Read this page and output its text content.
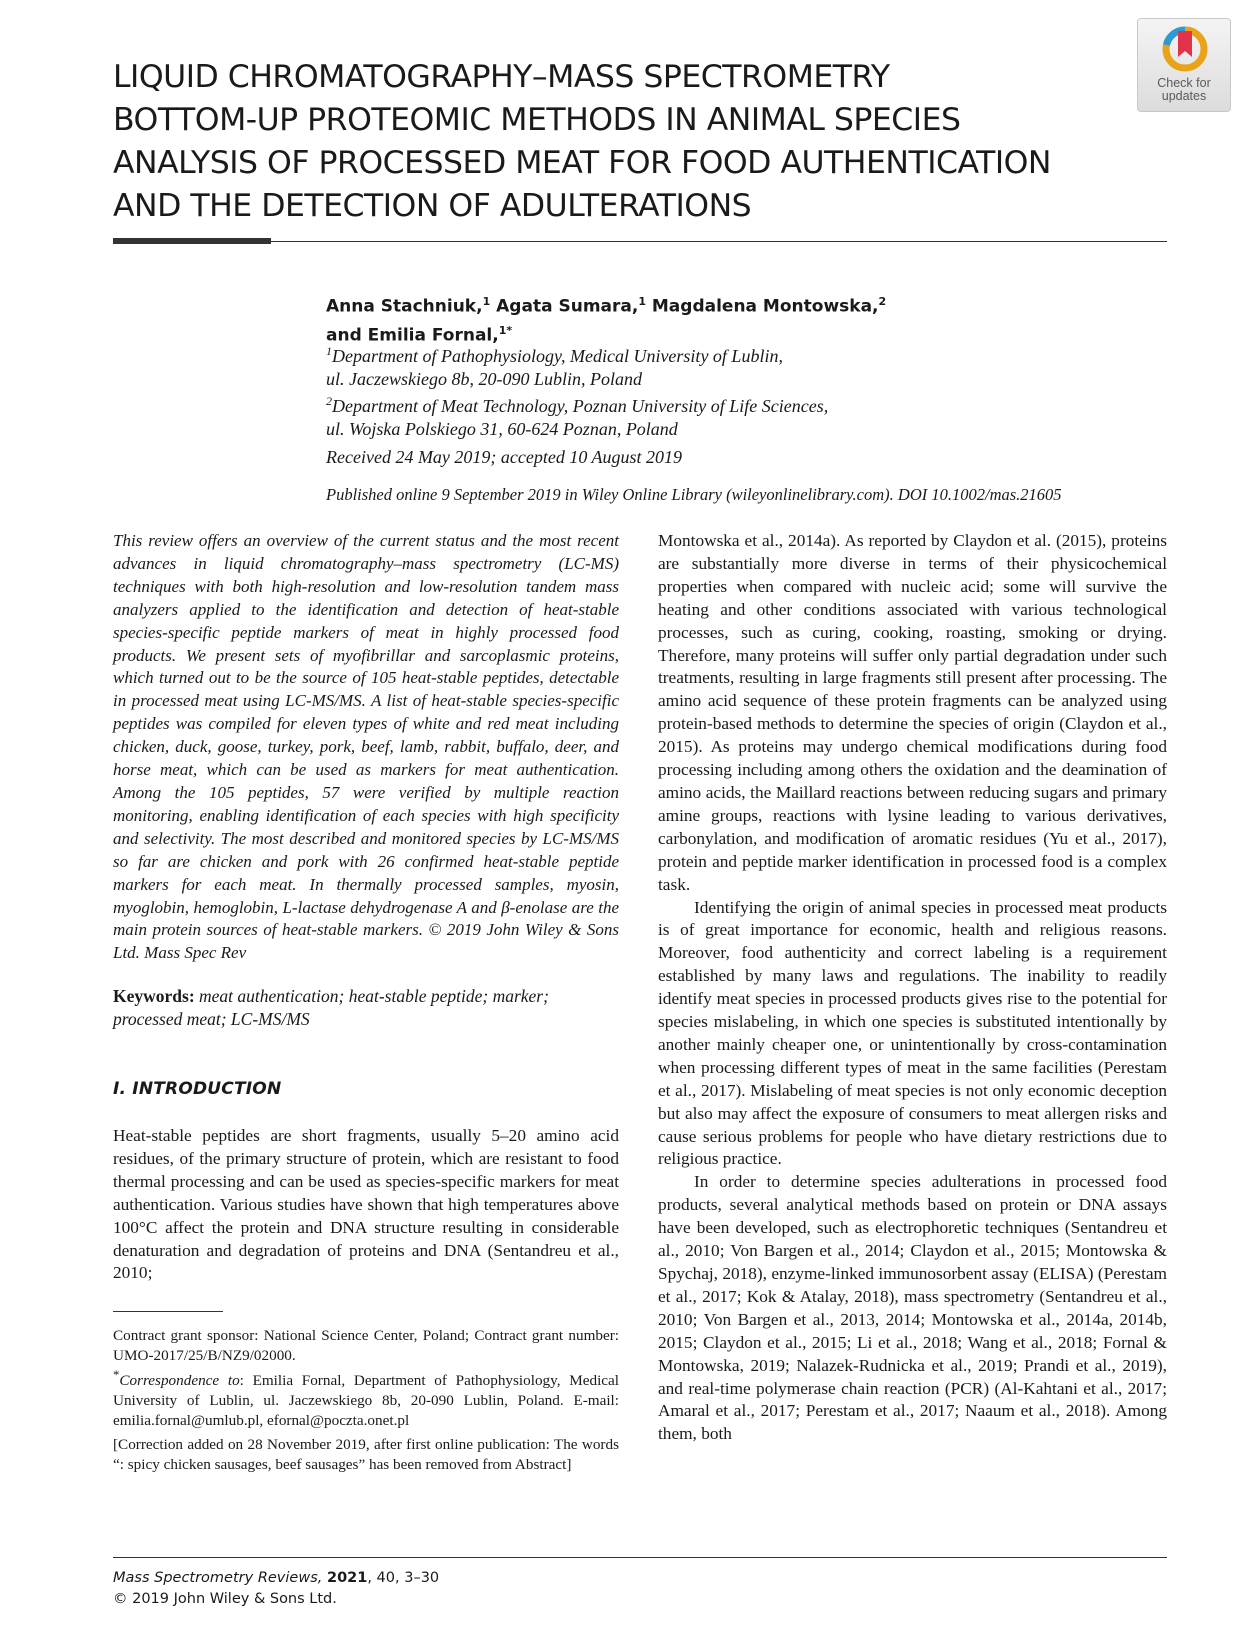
Check for
updates
LIQUID CHROMATOGRAPHY–MASS SPECTROMETRY
BOTTOM-UP PROTEOMIC METHODS IN ANIMAL SPECIES
ANALYSIS OF PROCESSED MEAT FOR FOOD AUTHENTICATION
AND THE DETECTION OF ADULTERATIONS
Anna Stachniuk,$^1$ Agata Sumara,$^1$ Magdalena Montowska,$^2$
and Emilia Fornal,$^{1*}$
$^1$Department of Pathophysiology, Medical University of Lublin,
ul. Jaczewskiego 8b, 20-090 Lublin, Poland
$^2$Department of Meat Technology, Poznan University of Life Sciences,
ul. Wojska Polskiego 31, 60-624 Poznan, Poland
Received 24 May 2019; accepted 10 August 2019
Published online 9 September 2019 in Wiley Online Library (wileyonlinelibrary.com). DOI 10.1002/mas.21605

This review offers an overview of the current status and the most recent advances in liquid chromatography–mass spectrometry (LC-MS) techniques with both high-resolution and low-resolution tandem mass analyzers applied to the identification and detection of heat-stable species-specific peptide markers of meat in highly processed food products. We present sets of myofibrillar and sarcoplasmic proteins, which turned out to be the source of 105 heat-stable peptides, detectable in processed meat using LC-MS/MS. A list of heat-stable species-specific peptides was compiled for eleven types of white and red meat including chicken, duck, goose, turkey, pork, beef, lamb, rabbit, buffalo, deer, and horse meat, which can be used as markers for meat authentication. Among the 105 peptides, 57 were verified by multiple reaction monitoring, enabling identification of each species with high specificity and selectivity. The most described and monitored species by LC-MS/MS so far are chicken and pork with 26 confirmed heat-stable peptide markers for each meat. In thermally processed samples, myosin, myoglobin, hemoglobin, L-lactase dehydrogenase A and β-enolase are the main protein sources of heat-stable markers. © 2019 John Wiley & Sons Ltd. Mass Spec Rev

Keywords: meat authentication; heat-stable peptide; marker; processed meat; LC-MS/MS

I. INTRODUCTION

Heat-stable peptides are short fragments, usually 5–20 amino acid residues, of the primary structure of protein, which are resistant to food thermal processing and can be used as species-specific markers for meat authentication. Various studies have shown that high temperatures above 100°C affect the protein and DNA structure resulting in considerable denaturation and degradation of proteins and DNA (Sentandreu et al., 2010;

Contract grant sponsor: National Science Center, Poland; Contract grant number: UMO-2017/25/B/NZ9/02000.

*Correspondence to: Emilia Fornal, Department of Pathophysiology, Medical University of Lublin, ul. Jaczewskiego 8b, 20-090 Lublin, Poland. E-mail: emilia.fornal@umlub.pl, efornal@poczta.onet.pl

[Correction added on 28 November 2019, after first online publication: The words “: spicy chicken sausages, beef sausages” has been removed from Abstract]

Montowska et al., 2014a). As reported by Claydon et al. (2015), proteins are substantially more diverse in terms of their physicochemical properties when compared with nucleic acid; some will survive the heating and other conditions associated with various technological processes, such as curing, cooking, roasting, smoking or drying. Therefore, many proteins will suffer only partial degradation under such treatments, resulting in large fragments still present after processing. The amino acid sequence of these protein fragments can be analyzed using protein-based methods to determine the species of origin (Claydon et al., 2015). As proteins may undergo chemical modifications during food processing including among others the oxidation and the deamination of amino acids, the Maillard reactions between reducing sugars and primary amine groups, reactions with lysine leading to various derivatives, carbonylation, and modification of aromatic residues (Yu et al., 2017), protein and peptide marker identification in processed food is a complex task.

Identifying the origin of animal species in processed meat products is of great importance for economic, health and religious reasons. Moreover, food authenticity and correct labeling is a requirement established by many laws and regulations. The inability to readily identify meat species in processed products gives rise to the potential for species mislabeling, in which one species is substituted intentionally by another mainly cheaper one, or unintentionally by cross-contamination when processing different types of meat in the same facilities (Perestam et al., 2017). Mislabeling of meat species is not only economic deception but also may affect the exposure of consumers to meat allergen risks and cause serious problems for people who have dietary restrictions due to religious practice.

In order to determine species adulterations in processed food products, several analytical methods based on protein or DNA assays have been developed, such as electrophoretic techniques (Sentandreu et al., 2010; Von Bargen et al., 2014; Claydon et al., 2015; Montowska & Spychaj, 2018), enzyme-linked immunosorbent assay (ELISA) (Perestam et al., 2017; Kok & Atalay, 2018), mass spectrometry (Sentandreu et al., 2010; Von Bargen et al., 2013, 2014; Montowska et al., 2014a, 2014b, 2015; Claydon et al., 2015; Li et al., 2018; Wang et al., 2018; Fornal & Montowska, 2019; Nalazek-Rudnicka et al., 2019; Prandi et al., 2019), and real-time polymerase chain reaction (PCR) (Al-Kahtani et al., 2017; Amaral et al., 2017; Perestam et al., 2017; Naaum et al., 2018). Among them, both

Mass Spectrometry Reviews, 2021, 40, 3–30
© 2019 John Wiley & Sons Ltd.
